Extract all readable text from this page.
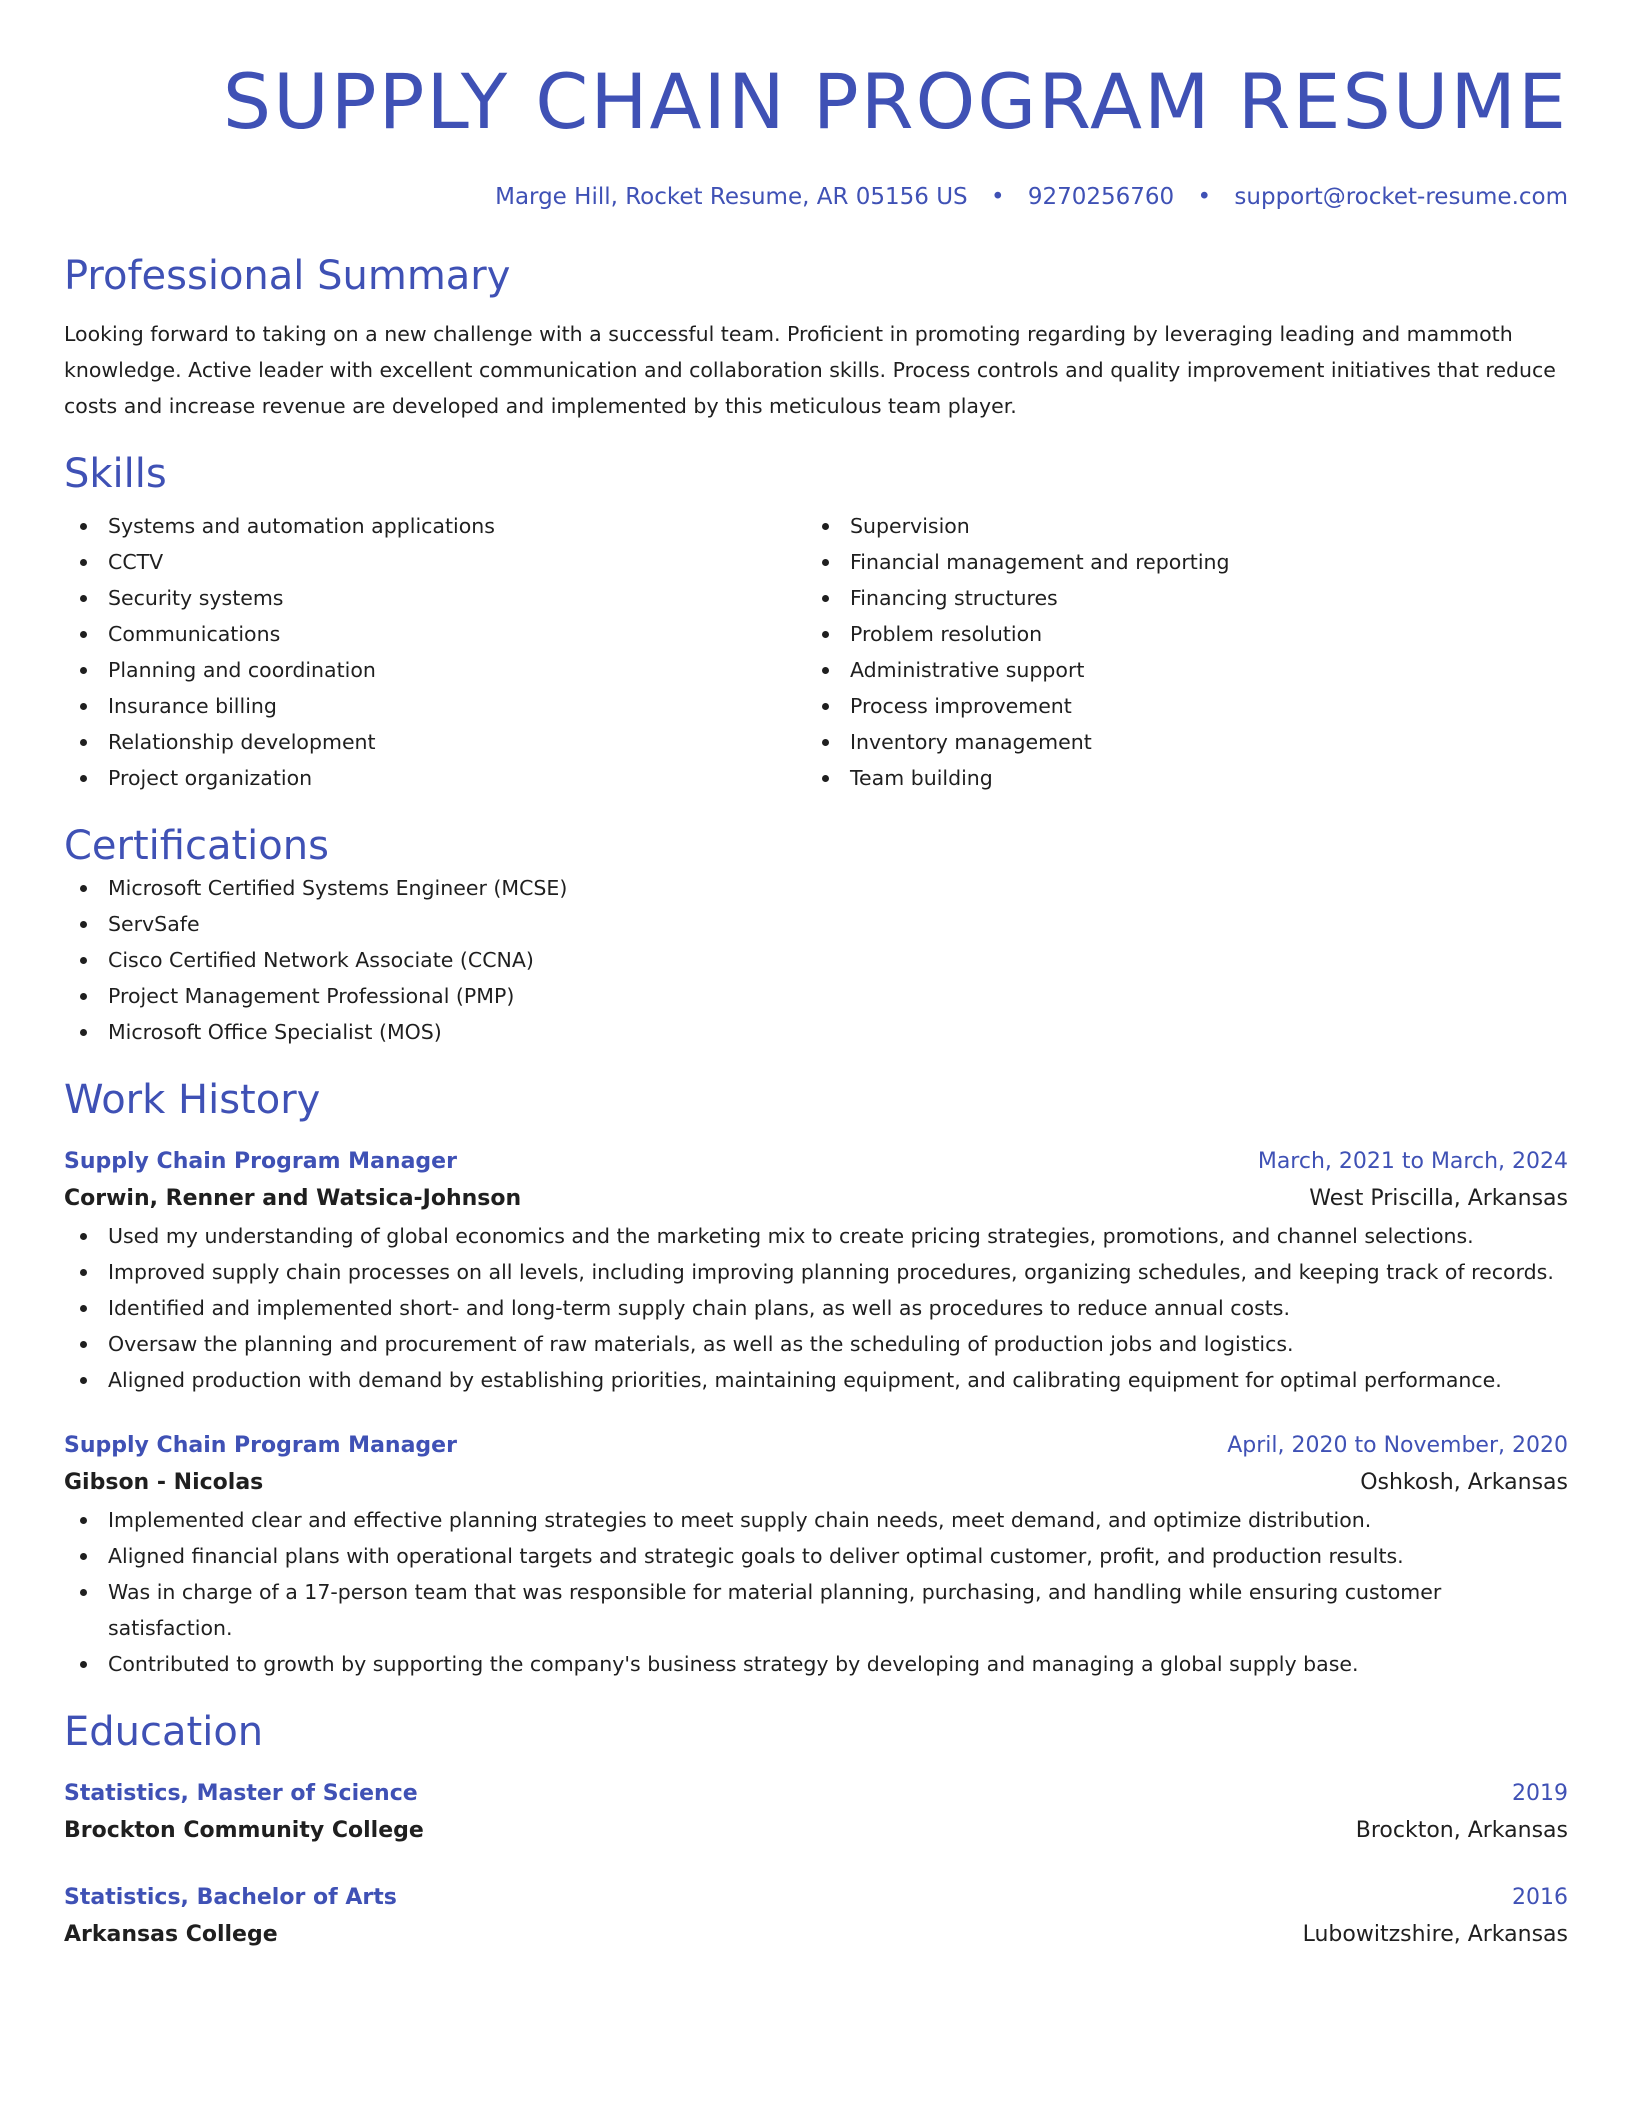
SUPPLY CHAIN PROGRAM RESUME
Marge Hill, Rocket Resume, AR 05156 US • 9270256760 • support@rocket-resume.com
Professional Summary

Looking forward to taking on a new challenge with a successful team. Proficient in promoting regarding by leveraging leading and mammoth knowledge. Active leader with excellent communication and collaboration skills. Process controls and quality improvement initiatives that reduce costs and increase revenue are developed and implemented by this meticulous team player.

Skills
Systems and automation applications
CCTV
Security systems
Communications
Planning and coordination
Insurance billing
Relationship development
Project organization
Supervision
Financial management and reporting
Financing structures
Problem resolution
Administrative support
Process improvement
Inventory management
Team building
Certifications
Microsoft Certified Systems Engineer (MCSE)
ServSafe
Cisco Certified Network Associate (CCNA)
Project Management Professional (PMP)
Microsoft Office Specialist (MOS)
Work History
Supply Chain Program Manager	March, 2021 to March, 2024
Corwin, Renner and Watsica-Johnson	West Priscilla, Arkansas
Used my understanding of global economics and the marketing mix to create pricing strategies, promotions, and channel selections.
Improved supply chain processes on all levels, including improving planning procedures, organizing schedules, and keeping track of records.
Identified and implemented short- and long-term supply chain plans, as well as procedures to reduce annual costs.
Oversaw the planning and procurement of raw materials, as well as the scheduling of production jobs and logistics.
Aligned production with demand by establishing priorities, maintaining equipment, and calibrating equipment for optimal performance.
Supply Chain Program Manager	April, 2020 to November, 2020
Gibson - Nicolas	Oshkosh, Arkansas
Implemented clear and effective planning strategies to meet supply chain needs, meet demand, and optimize distribution.
Aligned financial plans with operational targets and strategic goals to deliver optimal customer, profit, and production results.
Was in charge of a 17-person team that was responsible for material planning, purchasing, and handling while ensuring customer satisfaction.
Contributed to growth by supporting the company's business strategy by developing and managing a global supply base.
Education
Statistics, Master of Science	2019
Brockton Community College	Brockton, Arkansas
Statistics, Bachelor of Arts	2016
Arkansas College	Lubowitzshire, Arkansas
